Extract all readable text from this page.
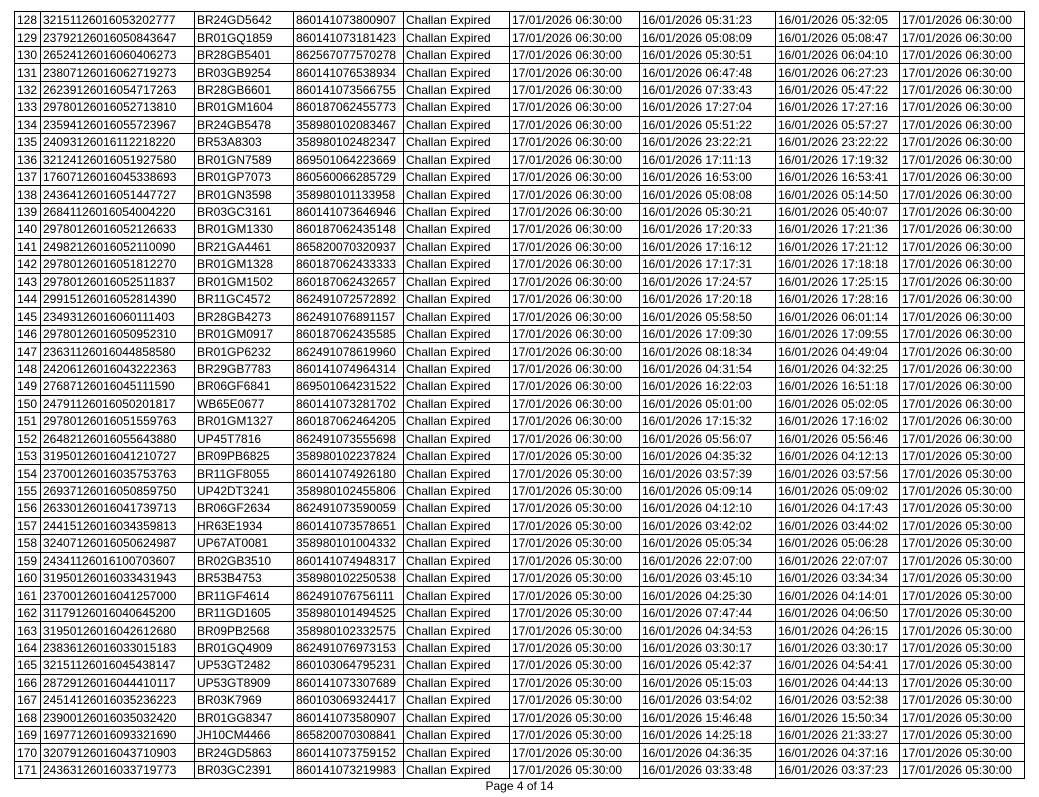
128	32151126016053202777	BR24GD5642	860141073800907	Challan Expired	17/01/2026 06:30:00	16/01/2026 05:31:23	16/01/2026 05:32:05	17/01/2026 06:30:00
129	23792126016050843647	BR01GQ1859	860141073181423	Challan Expired	17/01/2026 06:30:00	16/01/2026 05:08:09	16/01/2026 05:08:47	17/01/2026 06:30:00
130	26524126016060406273	BR28GB5401	862567077570278	Challan Expired	17/01/2026 06:30:00	16/01/2026 05:30:51	16/01/2026 06:04:10	17/01/2026 06:30:00
131	23807126016062719273	BR03GB9254	860141076538934	Challan Expired	17/01/2026 06:30:00	16/01/2026 06:47:48	16/01/2026 06:27:23	17/01/2026 06:30:00
132	26239126016054717263	BR28GB6601	860141073566755	Challan Expired	17/01/2026 06:30:00	16/01/2026 07:33:43	16/01/2026 05:47:22	17/01/2026 06:30:00
133	29780126016052713810	BR01GM1604	860187062455773	Challan Expired	17/01/2026 06:30:00	16/01/2026 17:27:04	16/01/2026 17:27:16	17/01/2026 06:30:00
134	23594126016055723967	BR24GB5478	358980102083467	Challan Expired	17/01/2026 06:30:00	16/01/2026 05:51:22	16/01/2026 05:57:27	17/01/2026 06:30:00
135	24093126016112218220	BR53A8303	358980102482347	Challan Expired	17/01/2026 06:30:00	16/01/2026 23:22:21	16/01/2026 23:22:22	17/01/2026 06:30:00
136	32124126016051927580	BR01GN7589	869501064223669	Challan Expired	17/01/2026 06:30:00	16/01/2026 17:11:13	16/01/2026 17:19:32	17/01/2026 06:30:00
137	17607126016045338693	BR01GP7073	860560066285729	Challan Expired	17/01/2026 06:30:00	16/01/2026 16:53:00	16/01/2026 16:53:41	17/01/2026 06:30:00
138	24364126016051447727	BR01GN3598	358980101133958	Challan Expired	17/01/2026 06:30:00	16/01/2026 05:08:08	16/01/2026 05:14:50	17/01/2026 06:30:00
139	26841126016054004220	BR03GC3161	860141073646946	Challan Expired	17/01/2026 06:30:00	16/01/2026 05:30:21	16/01/2026 05:40:07	17/01/2026 06:30:00
140	29780126016052126633	BR01GM1330	860187062435148	Challan Expired	17/01/2026 06:30:00	16/01/2026 17:20:33	16/01/2026 17:21:36	17/01/2026 06:30:00
141	24982126016052110090	BR21GA4461	865820070320937	Challan Expired	17/01/2026 06:30:00	16/01/2026 17:16:12	16/01/2026 17:21:12	17/01/2026 06:30:00
142	29780126016051812270	BR01GM1328	860187062433333	Challan Expired	17/01/2026 06:30:00	16/01/2026 17:17:31	16/01/2026 17:18:18	17/01/2026 06:30:00
143	29780126016052511837	BR01GM1502	860187062432657	Challan Expired	17/01/2026 06:30:00	16/01/2026 17:24:57	16/01/2026 17:25:15	17/01/2026 06:30:00
144	29915126016052814390	BR11GC4572	862491072572892	Challan Expired	17/01/2026 06:30:00	16/01/2026 17:20:18	16/01/2026 17:28:16	17/01/2026 06:30:00
145	23493126016060111403	BR28GB4273	862491076891157	Challan Expired	17/01/2026 06:30:00	16/01/2026 05:58:50	16/01/2026 06:01:14	17/01/2026 06:30:00
146	29780126016050952310	BR01GM0917	860187062435585	Challan Expired	17/01/2026 06:30:00	16/01/2026 17:09:30	16/01/2026 17:09:55	17/01/2026 06:30:00
147	23631126016044858580	BR01GP6232	862491078619960	Challan Expired	17/01/2026 06:30:00	16/01/2026 08:18:34	16/01/2026 04:49:04	17/01/2026 06:30:00
148	24206126016043222363	BR29GB7783	860141074964314	Challan Expired	17/01/2026 06:30:00	16/01/2026 04:31:54	16/01/2026 04:32:25	17/01/2026 06:30:00
149	27687126016045111590	BR06GF6841	869501064231522	Challan Expired	17/01/2026 06:30:00	16/01/2026 16:22:03	16/01/2026 16:51:18	17/01/2026 06:30:00
150	24791126016050201817	WB65E0677	860141073281702	Challan Expired	17/01/2026 06:30:00	16/01/2026 05:01:00	16/01/2026 05:02:05	17/01/2026 06:30:00
151	29780126016051559763	BR01GM1327	860187062464205	Challan Expired	17/01/2026 06:30:00	16/01/2026 17:15:32	16/01/2026 17:16:02	17/01/2026 06:30:00
152	26482126016055643880	UP45T7816	862491073555698	Challan Expired	17/01/2026 06:30:00	16/01/2026 05:56:07	16/01/2026 05:56:46	17/01/2026 06:30:00
153	31950126016041210727	BR09PB6825	358980102237824	Challan Expired	17/01/2026 05:30:00	16/01/2026 04:35:32	16/01/2026 04:12:13	17/01/2026 05:30:00
154	23700126016035753763	BR11GF8055	860141074926180	Challan Expired	17/01/2026 05:30:00	16/01/2026 03:57:39	16/01/2026 03:57:56	17/01/2026 05:30:00
155	26937126016050859750	UP42DT3241	358980102455806	Challan Expired	17/01/2026 05:30:00	16/01/2026 05:09:14	16/01/2026 05:09:02	17/01/2026 05:30:00
156	26330126016041739713	BR06GF2634	862491073590059	Challan Expired	17/01/2026 05:30:00	16/01/2026 04:12:10	16/01/2026 04:17:43	17/01/2026 05:30:00
157	24415126016034359813	HR63E1934	860141073578651	Challan Expired	17/01/2026 05:30:00	16/01/2026 03:42:02	16/01/2026 03:44:02	17/01/2026 05:30:00
158	32407126016050624987	UP67AT0081	358980101004332	Challan Expired	17/01/2026 05:30:00	16/01/2026 05:05:34	16/01/2026 05:06:28	17/01/2026 05:30:00
159	24341126016100703607	BR02GB3510	860141074948317	Challan Expired	17/01/2026 05:30:00	16/01/2026 22:07:00	16/01/2026 22:07:07	17/01/2026 05:30:00
160	31950126016033431943	BR53B4753	358980102250538	Challan Expired	17/01/2026 05:30:00	16/01/2026 03:45:10	16/01/2026 03:34:34	17/01/2026 05:30:00
161	23700126016041257000	BR11GF4614	862491076756111	Challan Expired	17/01/2026 05:30:00	16/01/2026 04:25:30	16/01/2026 04:14:01	17/01/2026 05:30:00
162	31179126016040645200	BR11GD1605	358980101494525	Challan Expired	17/01/2026 05:30:00	16/01/2026 07:47:44	16/01/2026 04:06:50	17/01/2026 05:30:00
163	31950126016042612680	BR09PB2568	358980102332575	Challan Expired	17/01/2026 05:30:00	16/01/2026 04:34:53	16/01/2026 04:26:15	17/01/2026 05:30:00
164	23836126016033015183	BR01GQ4909	862491076973153	Challan Expired	17/01/2026 05:30:00	16/01/2026 03:30:17	16/01/2026 03:30:17	17/01/2026 05:30:00
165	32151126016045438147	UP53GT2482	860103064795231	Challan Expired	17/01/2026 05:30:00	16/01/2026 05:42:37	16/01/2026 04:54:41	17/01/2026 05:30:00
166	28729126016044410117	UP53GT8909	860141073307689	Challan Expired	17/01/2026 05:30:00	16/01/2026 05:15:03	16/01/2026 04:44:13	17/01/2026 05:30:00
167	24514126016035236223	BR03K7969	860103069324417	Challan Expired	17/01/2026 05:30:00	16/01/2026 03:54:02	16/01/2026 03:52:38	17/01/2026 05:30:00
168	23900126016035032420	BR01GG8347	860141073580907	Challan Expired	17/01/2026 05:30:00	16/01/2026 15:46:48	16/01/2026 15:50:34	17/01/2026 05:30:00
169	16977126016093321690	JH10CM4466	865820070308841	Challan Expired	17/01/2026 05:30:00	16/01/2026 14:25:18	16/01/2026 21:33:27	17/01/2026 05:30:00
170	32079126016043710903	BR24GD5863	860141073759152	Challan Expired	17/01/2026 05:30:00	16/01/2026 04:36:35	16/01/2026 04:37:16	17/01/2026 05:30:00
171	24363126016033719773	BR03GC2391	860141073219983	Challan Expired	17/01/2026 05:30:00	16/01/2026 03:33:48	16/01/2026 03:37:23	17/01/2026 05:30:00
Page 4 of 14
